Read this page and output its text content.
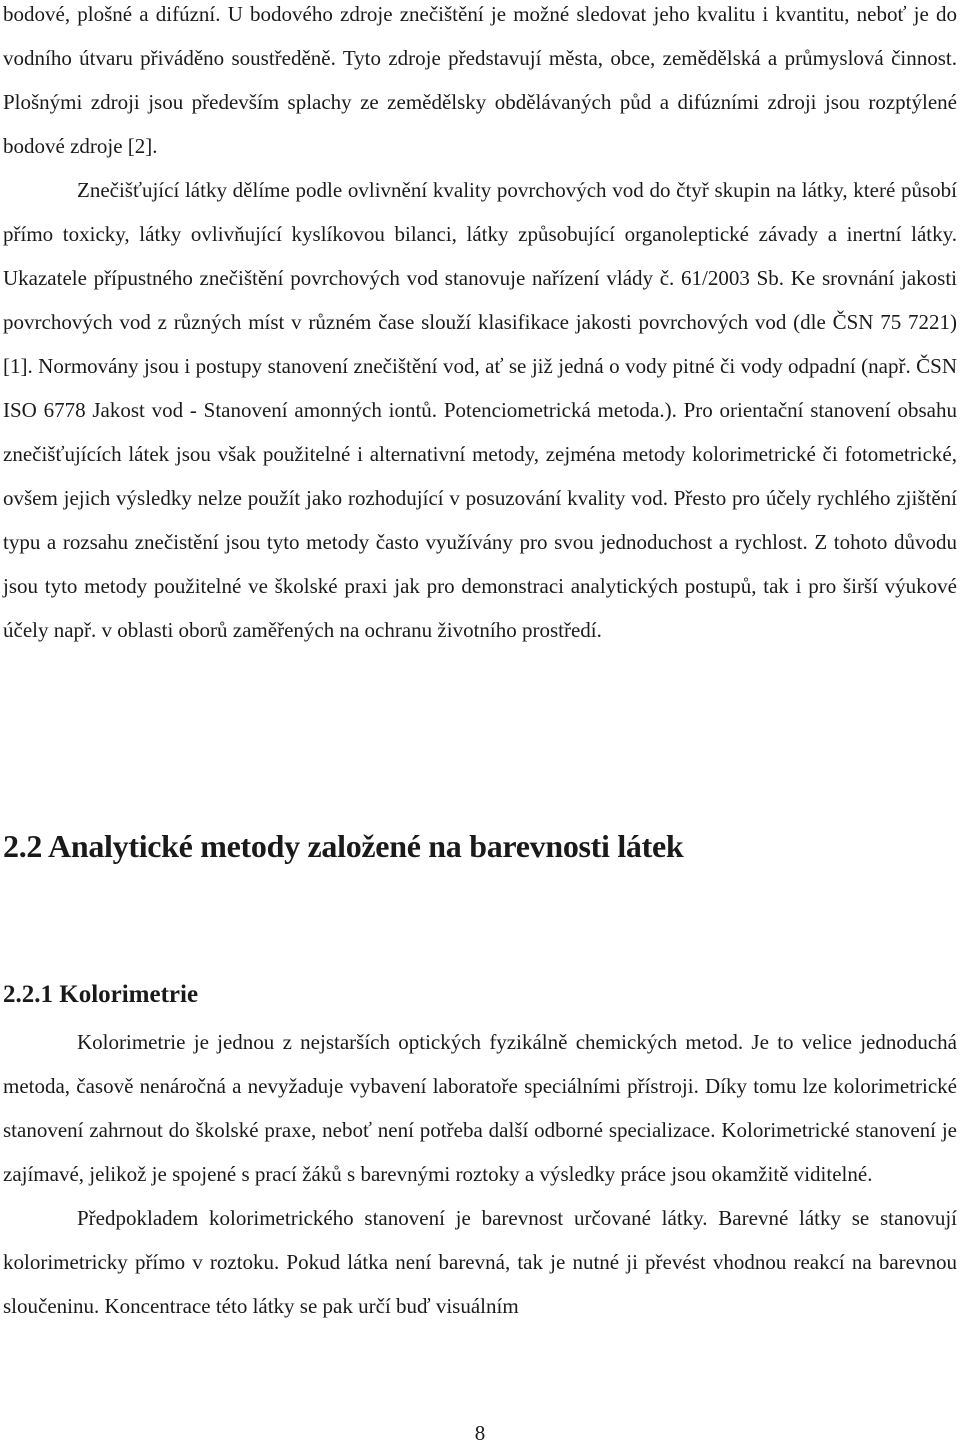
bodové, plošné a difúzní. U bodového zdroje znečištění je možné sledovat jeho kvalitu i kvantitu, neboť je do vodního útvaru přiváděno soustředěně. Tyto zdroje představují města, obce, zemědělská a průmyslová činnost. Plošnými zdroji jsou především splachy ze zemědělsky obdělávaných půd a difúzními zdroji jsou rozptýlené bodové zdroje [2].

Znečišťující látky dělíme podle ovlivnění kvality povrchových vod do čtyř skupin na látky, které působí přímo toxicky, látky ovlivňující kyslíkovou bilanci, látky způsobující organoleptické závady a inertní látky. Ukazatele přípustného znečištění povrchových vod stanovuje nařízení vlády č. 61/2003 Sb. Ke srovnání jakosti povrchových vod z různých míst v různém čase slouží klasifikace jakosti povrchových vod (dle ČSN 75 7221) [1]. Normovány jsou i postupy stanovení znečištění vod, ať se již jedná o vody pitné či vody odpadní (např. ČSN ISO 6778 Jakost vod - Stanovení amonných iontů. Potenciometrická metoda.). Pro orientační stanovení obsahu znečišťujících látek jsou však použitelné i alternativní metody, zejména metody kolorimetrické či fotometrické, ovšem jejich výsledky nelze použít jako rozhodující v posuzování kvality vod. Přesto pro účely rychlého zjištění typu a rozsahu znečistění jsou tyto metody často využívány pro svou jednoduchost a rychlost. Z tohoto důvodu jsou tyto metody použitelné ve školské praxi jak pro demonstraci analytických postupů, tak i pro širší výukové účely např. v oblasti oborů zaměřených na ochranu životního prostředí.

2.2 Analytické metody založené na barevnosti látek
2.2.1 Kolorimetrie

Kolorimetrie je jednou z nejstarších optických fyzikálně chemických metod. Je to velice jednoduchá metoda, časově nenáročná a nevyžaduje vybavení laboratoře speciálními přístroji. Díky tomu lze kolorimetrické stanovení zahrnout do školské praxe, neboť není potřeba další odborné specializace. Kolorimetrické stanovení je zajímavé, jelikož je spojené s prací žáků s barevnými roztoky a výsledky práce jsou okamžitě viditelné.

Předpokladem kolorimetrického stanovení je barevnost určované látky. Barevné látky se stanovují kolorimetricky přímo v roztoku. Pokud látka není barevná, tak je nutné ji převést vhodnou reakcí na barevnou sloučeninu. Koncentrace této látky se pak určí buď visuálním

8
